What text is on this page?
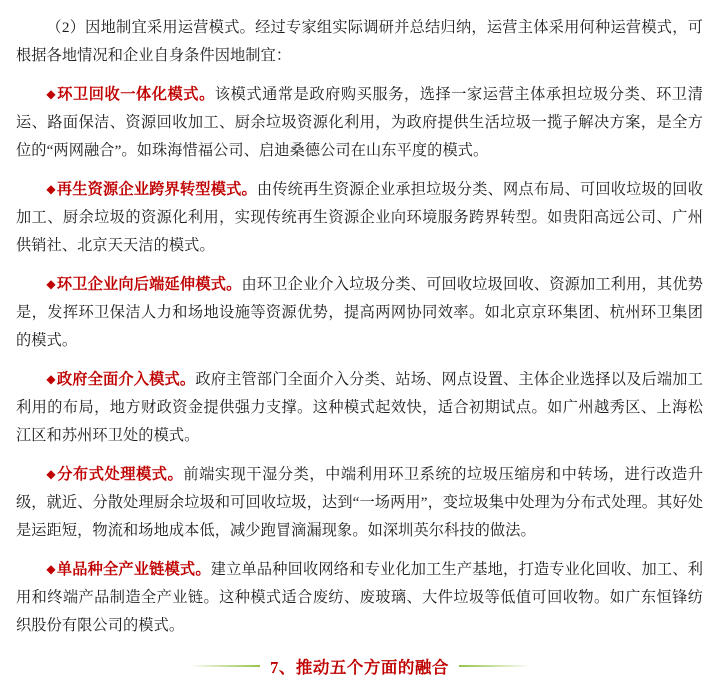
（2）因地制宜采用运营模式。经过专家组实际调研并总结归纳，运营主体采用何种运营模式，可根据各地情况和企业自身条件因地制宜：

◆环卫回收一体化模式。该模式通常是政府购买服务，选择一家运营主体承担垃圾分类、环卫清运、路面保洁、资源回收加工、厨余垃圾资源化利用，为政府提供生活垃圾一揽子解决方案，是全方位的“两网融合”。如珠海惜福公司、启迪桑德公司在山东平度的模式。

◆再生资源企业跨界转型模式。由传统再生资源企业承担垃圾分类、网点布局、可回收垃圾的回收加工、厨余垃圾的资源化利用，实现传统再生资源企业向环境服务跨界转型。如贵阳高远公司、广州供销社、北京天天洁的模式。

◆环卫企业向后端延伸模式。由环卫企业介入垃圾分类、可回收垃圾回收、资源加工利用，其优势是，发挥环卫保洁人力和场地设施等资源优势，提高两网协同效率。如北京京环集团、杭州环卫集团的模式。

◆政府全面介入模式。政府主管部门全面介入分类、站场、网点设置、主体企业选择以及后端加工利用的布局，地方财政资金提供强力支撑。这种模式起效快，适合初期试点。如广州越秀区、上海松江区和苏州环卫处的模式。

◆分布式处理模式。前端实现干湿分类，中端利用环卫系统的垃圾压缩房和中转场，进行改造升级，就近、分散处理厨余垃圾和可回收垃圾，达到“一场两用”，变垃圾集中处理为分布式处理。其好处是运距短，物流和场地成本低，减少跑冒滴漏现象。如深圳英尔科技的做法。

◆单品种全产业链模式。建立单品种回收网络和专业化加工生产基地，打造专业化回收、加工、利用和终端产品制造全产业链。这种模式适合废纺、废玻璃、大件垃圾等低值可回收物。如广东恒锋纺织股份有限公司的模式。

7、推动五个方面的融合
